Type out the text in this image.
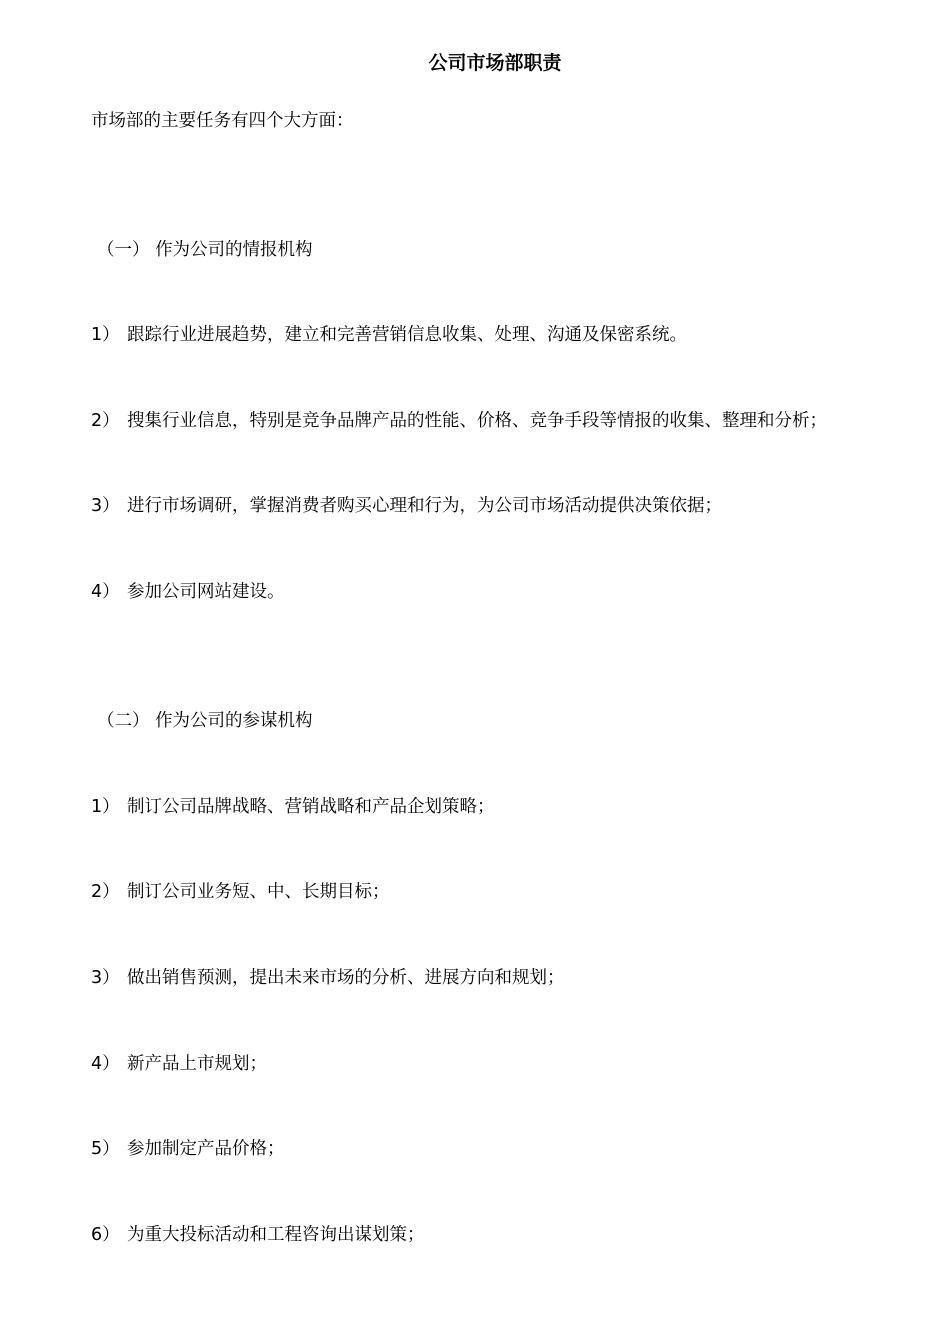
公司市场部职责
市场部的主要任务有四个大方面：
（一） 作为公司的情报机构
1） 跟踪行业进展趋势，建立和完善营销信息收集、处理、沟通及保密系统。
2） 搜集行业信息，特别是竞争品牌产品的性能、价格、竞争手段等情报的收集、整理和分析；
3） 进行市场调研，掌握消费者购买心理和行为，为公司市场活动提供决策依据；
4） 参加公司网站建设。
（二） 作为公司的参谋机构
1） 制订公司品牌战略、营销战略和产品企划策略；
2） 制订公司业务短、中、长期目标；
3） 做出销售预测，提出未来市场的分析、进展方向和规划；
4） 新产品上市规划；
5） 参加制定产品价格；
6） 为重大投标活动和工程咨询出谋划策；
